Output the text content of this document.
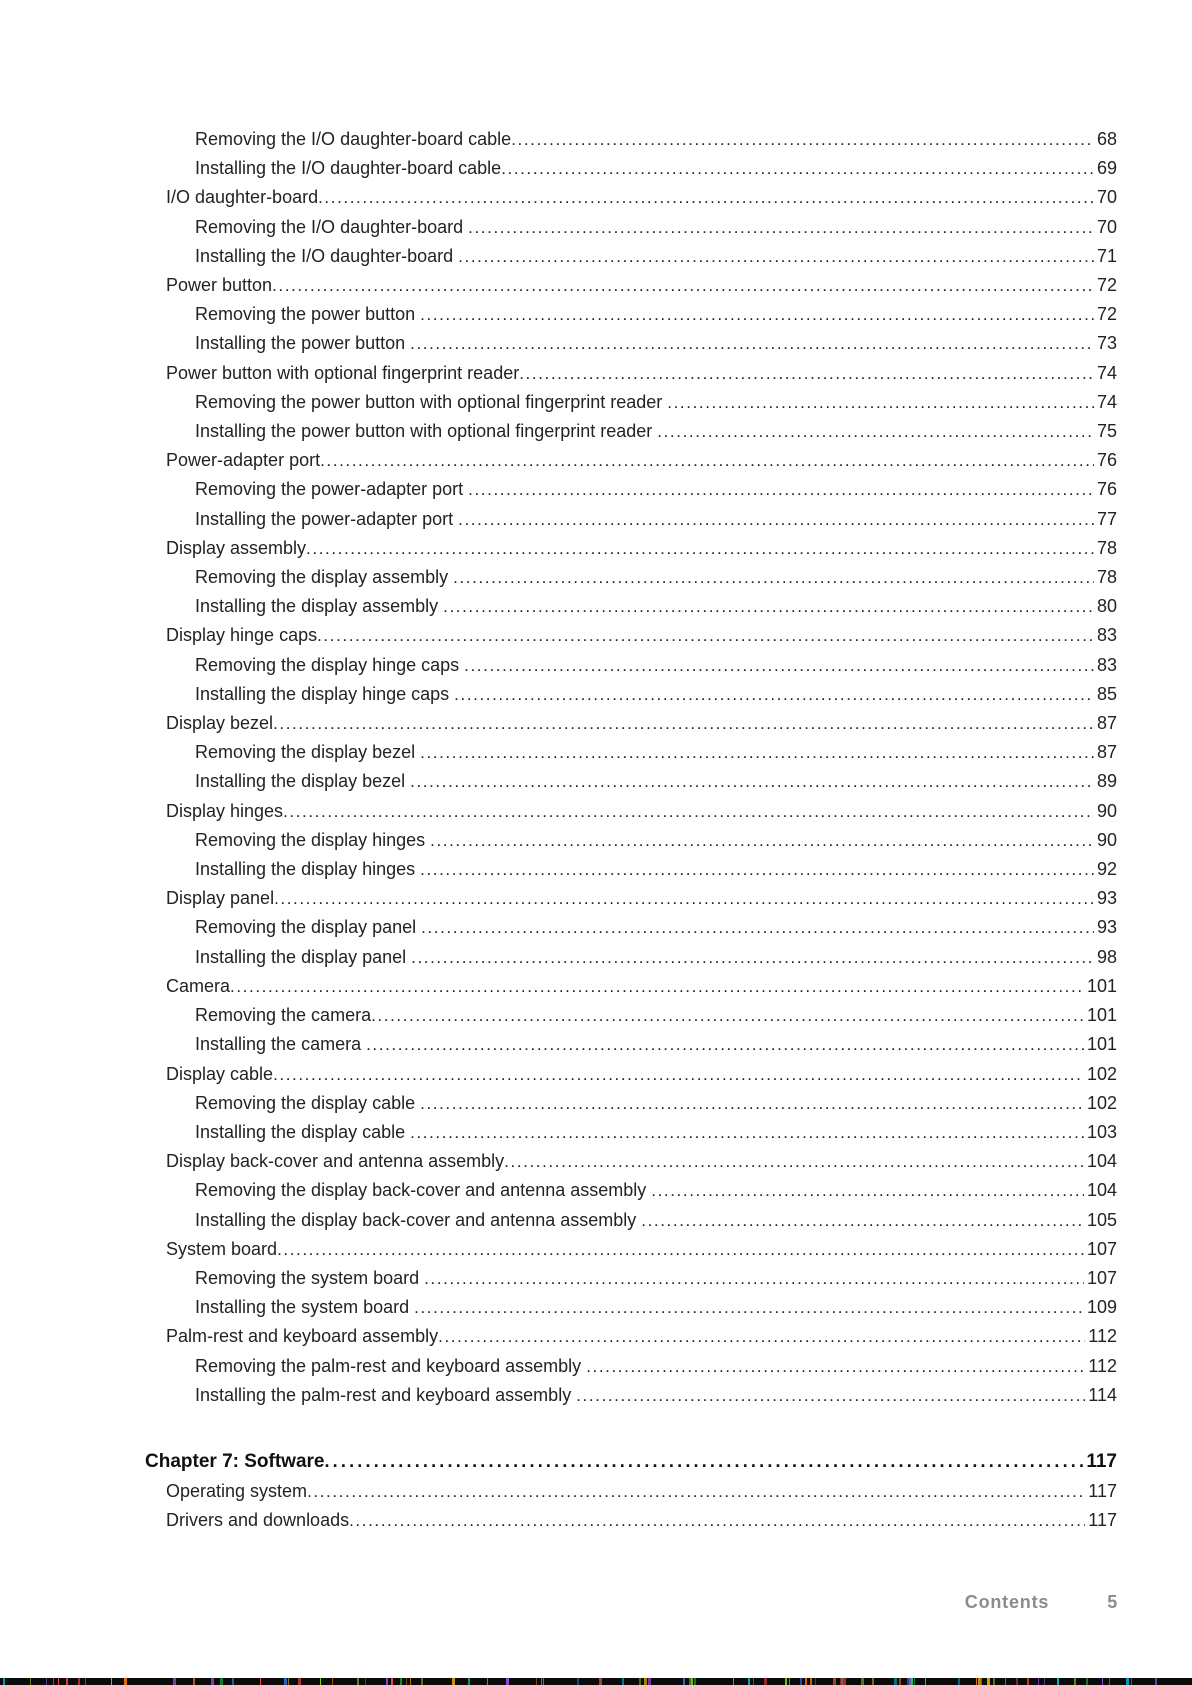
Removing the I/O daughter-board cable .....	68
Installing the I/O daughter-board cable .....	69
I/O daughter-board .....	70
Removing the I/O daughter-board .....	70
Installing the I/O daughter-board .....	71
Power button .....	72
Removing the power button .....	72
Installing the power button .....	73
Power button with optional fingerprint reader .....	74
Removing the power button with optional fingerprint reader .....	74
Installing the power button with optional fingerprint reader .....	75
Power-adapter port .....	76
Removing the power-adapter port .....	76
Installing the power-adapter port .....	77
Display assembly .....	78
Removing the display assembly .....	78
Installing the display assembly .....	80
Display hinge caps .....	83
Removing the display hinge caps .....	83
Installing the display hinge caps .....	85
Display bezel .....	87
Removing the display bezel .....	87
Installing the display bezel .....	89
Display hinges .....	90
Removing the display hinges .....	90
Installing the display hinges .....	92
Display panel .....	93
Removing the display panel .....	93
Installing the display panel .....	98
Camera .....	101
Removing the camera .....	101
Installing the camera .....	101
Display cable .....	102
Removing the display cable .....	102
Installing the display cable .....	103
Display back-cover and antenna assembly .....	104
Removing the display back-cover and antenna assembly .....	104
Installing the display back-cover and antenna assembly .....	105
System board .....	107
Removing the system board .....	107
Installing the system board .....	109
Palm-rest and keyboard assembly .....	112
Removing the palm-rest and keyboard assembly .....	112
Installing the palm-rest and keyboard assembly .....	114
Chapter 7: Software .....	117
Operating system .....	117
Drivers and downloads .....	117
Contents	5
